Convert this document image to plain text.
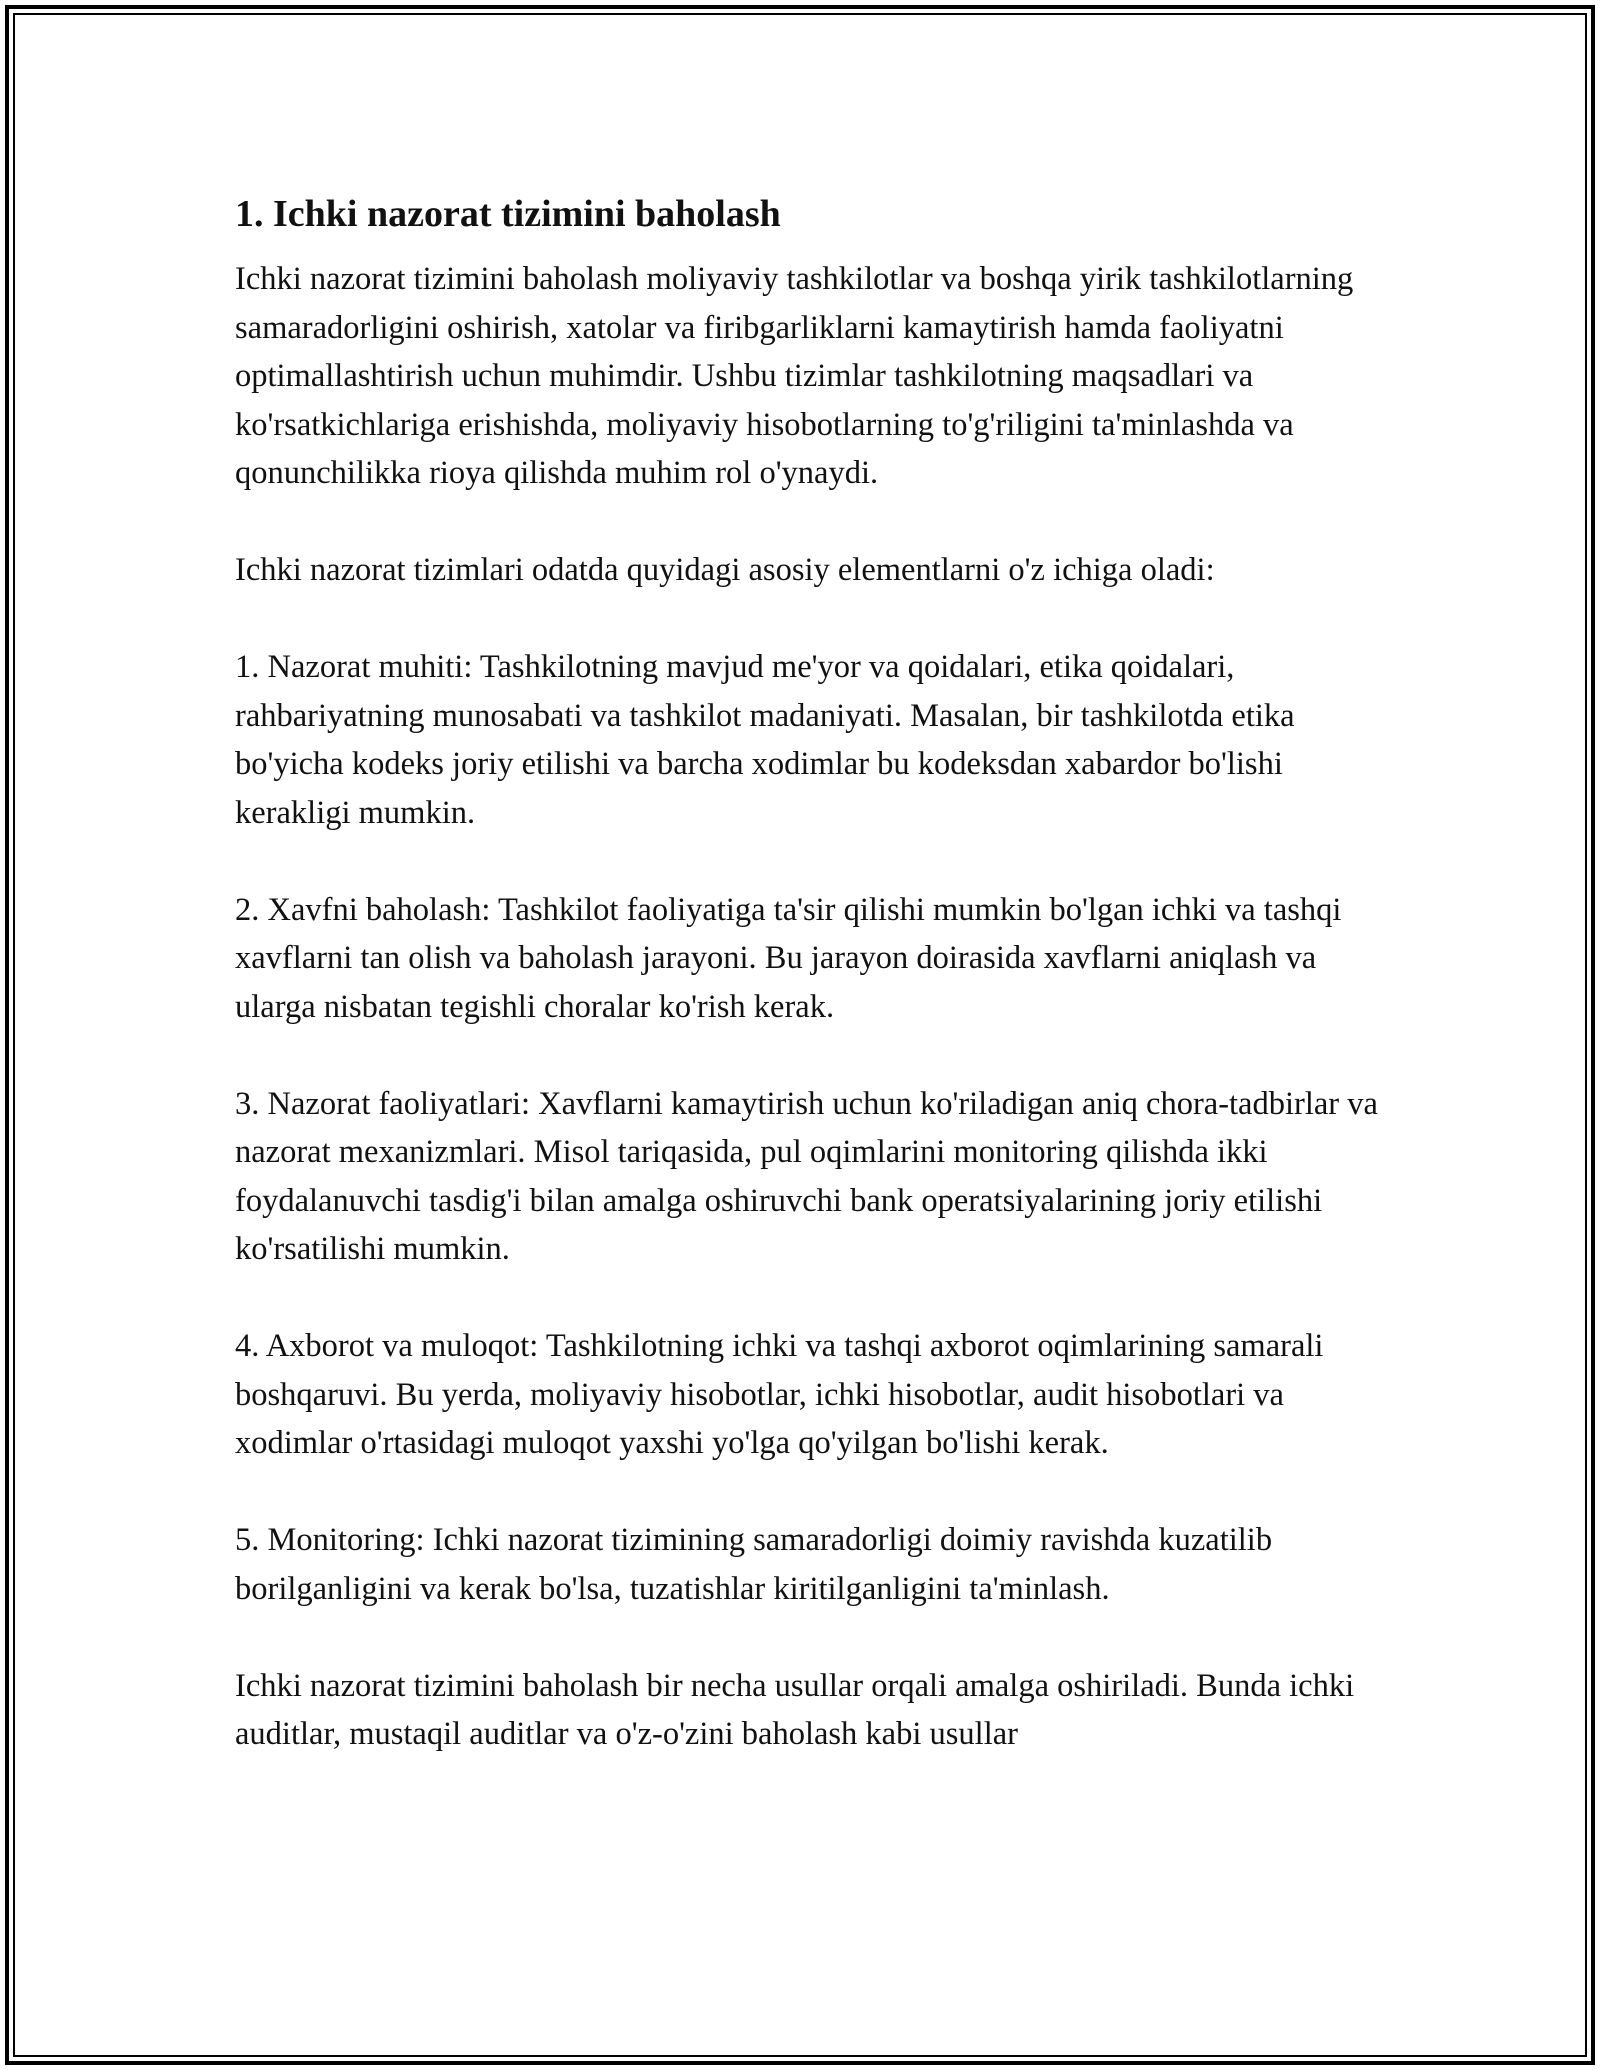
1. Ichki nazorat tizimini baholash

Ichki nazorat tizimini baholash moliyaviy tashkilotlar va boshqa yirik tashkilotlarning samaradorligini oshirish, xatolar va firibgarliklarni kamaytirish hamda faoliyatni optimallashtirish uchun muhimdir. Ushbu tizimlar tashkilotning maqsadlari va ko'rsatkichlariga erishishda, moliyaviy hisobotlarning to'g'riligini ta'minlashda va qonunchilikka rioya qilishda muhim rol o'ynaydi.

Ichki nazorat tizimlari odatda quyidagi asosiy elementlarni o'z ichiga oladi:

1. Nazorat muhiti: Tashkilotning mavjud me'yor va qoidalari, etika qoidalari, rahbariyatning munosabati va tashkilot madaniyati. Masalan, bir tashkilotda etika bo'yicha kodeks joriy etilishi va barcha xodimlar bu kodeksdan xabardor bo'lishi kerakligi mumkin.

2. Xavfni baholash: Tashkilot faoliyatiga ta'sir qilishi mumkin bo'lgan ichki va tashqi xavflarni tan olish va baholash jarayoni. Bu jarayon doirasida xavflarni aniqlash va ularga nisbatan tegishli choralar ko'rish kerak.

3. Nazorat faoliyatlari: Xavflarni kamaytirish uchun ko'riladigan aniq chora-tadbirlar va nazorat mexanizmlari. Misol tariqasida, pul oqimlarini monitoring qilishda ikki foydalanuvchi tasdig'i bilan amalga oshiruvchi bank operatsiyalarining joriy etilishi ko'rsatilishi mumkin.

4. Axborot va muloqot: Tashkilotning ichki va tashqi axborot oqimlarining samarali boshqaruvi. Bu yerda, moliyaviy hisobotlar, ichki hisobotlar, audit hisobotlari va xodimlar o'rtasidagi muloqot yaxshi yo'lga qo'yilgan bo'lishi kerak.

5. Monitoring: Ichki nazorat tizimining samaradorligi doimiy ravishda kuzatilib borilganligini va kerak bo'lsa, tuzatishlar kiritilganligini ta'minlash.

Ichki nazorat tizimini baholash bir necha usullar orqali amalga oshiriladi. Bunda ichki auditlar, mustaqil auditlar va o'z-o'zini baholash kabi usullar
